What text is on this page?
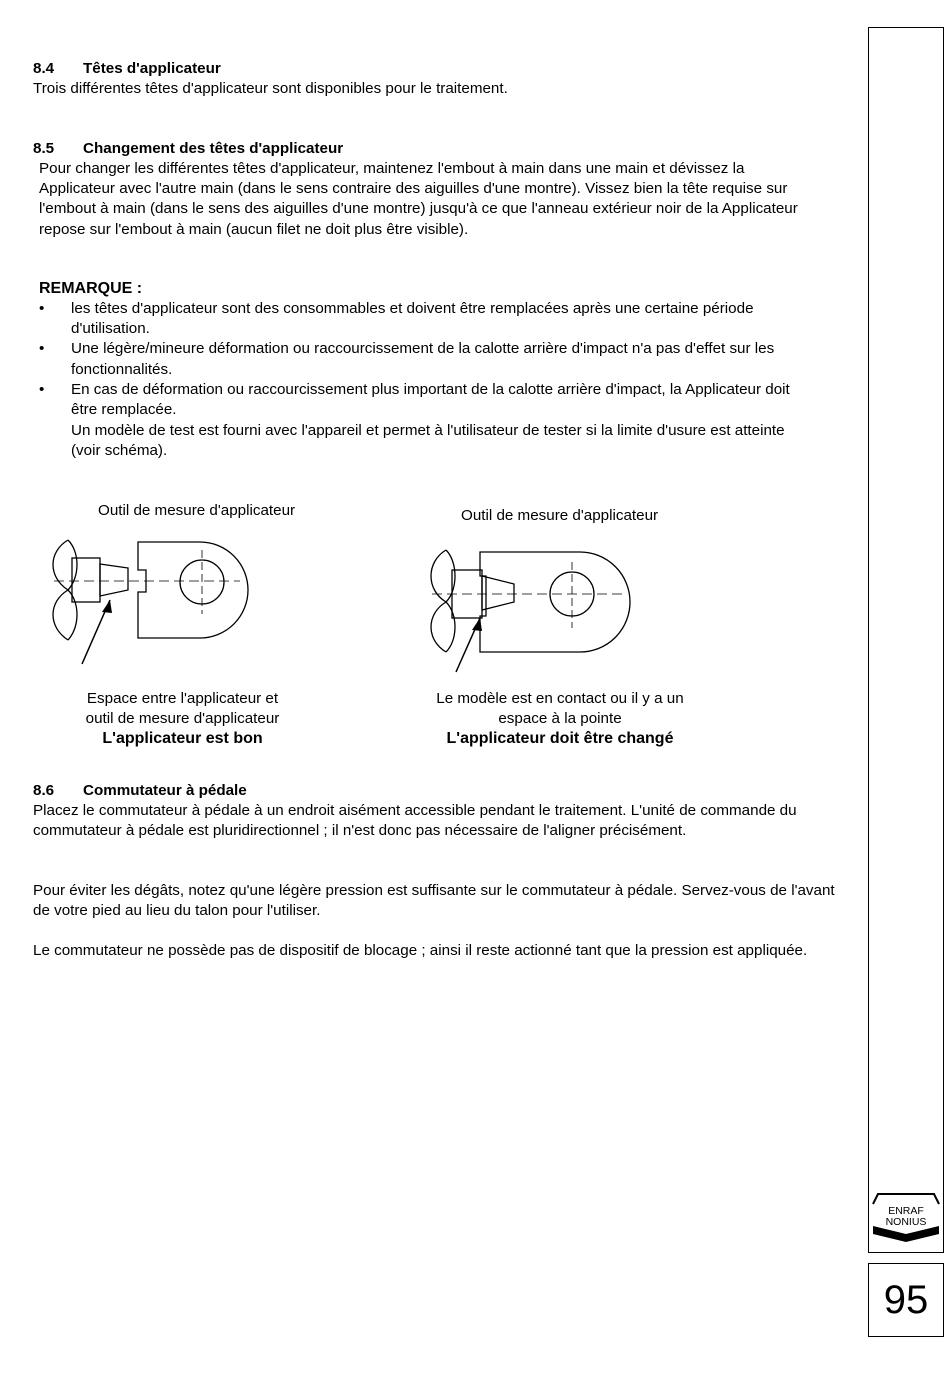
8.4 Têtes d'applicateur

Trois différentes têtes d'applicateur sont disponibles pour le traitement.

8.5 Changement des têtes d'applicateur

Pour changer les différentes têtes d'applicateur, maintenez l'embout à main dans une main et dévissez la Applicateur avec l'autre main (dans le sens contraire des aiguilles d'une montre). Vissez bien la tête requise sur l'embout à main (dans le sens des aiguilles d'une montre) jusqu'à ce que l'anneau extérieur noir de la Applicateur repose sur l'embout à main (aucun filet ne doit plus être visible).

REMARQUE :
• les têtes d'applicateur sont des consommables et doivent être remplacées après une certaine période d'utilisation.
• Une légère/mineure déformation ou raccourcissement de la calotte arrière d'impact n'a pas d'effet sur les fonctionnalités.
• En cas de déformation ou raccourcissement plus important de la calotte arrière d'impact, la Applicateur doit être remplacée.

Un modèle de test est fourni avec l'appareil et permet à l'utilisateur de tester si la limite d'usure est atteinte (voir schéma).

Outil de mesure d'applicateur
Espace entre l'applicateur et
outil de mesure d'applicateur
L'applicateur est bon
Outil de mesure d'applicateur
Le modèle est en contact ou il y a un
espace à la pointe
L'applicateur doit être changé
8.6 Commutateur à pédale

Placez le commutateur à pédale à un endroit aisément accessible pendant le traitement. L'unité de commande du commutateur à pédale est pluridirectionnel ; il n'est donc pas nécessaire de l'aligner précisément.

Pour éviter les dégâts, notez qu'une légère pression est suffisante sur le commutateur à pédale. Servez-vous de l'avant de votre pied au lieu du talon pour l'utiliser.

Le commutateur ne possède pas de dispositif de blocage ; ainsi il reste actionné tant que la pression est appliquée.

ENRAF
NONIUS
95
